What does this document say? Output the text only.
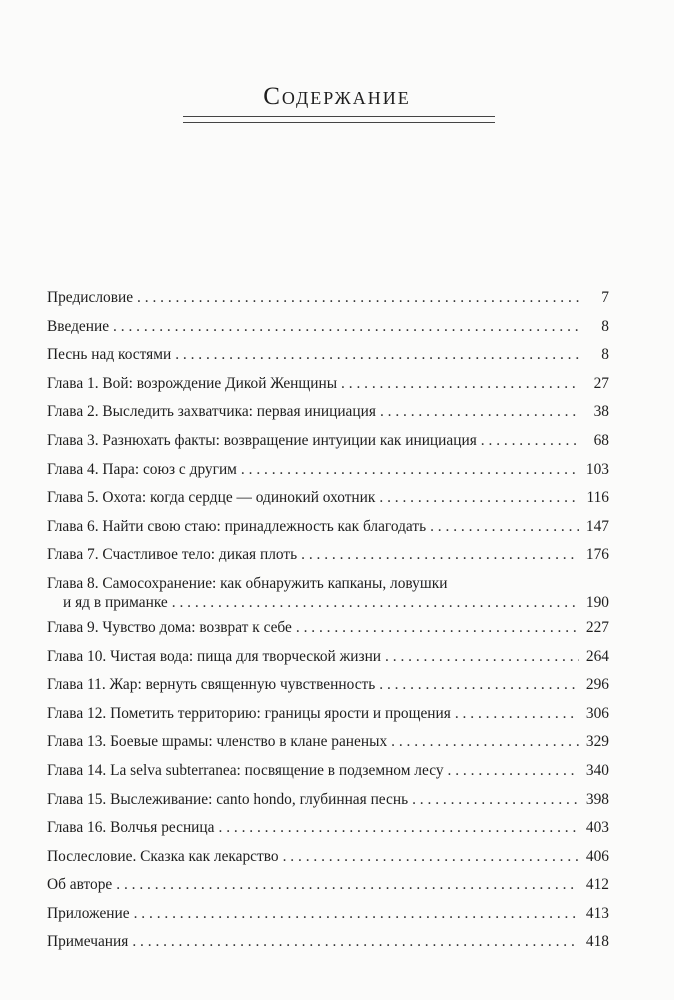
Содержание
Предисловие . . .	7
Введение . . .	8
Песнь над костями . . .	8
Глава 1. Вой: возрождение Дикой Женщины . . .	27
Глава 2. Выследить захватчика: первая инициация . . .	38
Глава 3. Разнюхать факты: возвращение интуиции как инициация . . .	68
Глава 4. Пара: союз с другим . . .	103
Глава 5. Охота: когда сердце — одинокий охотник . . .	116
Глава 6. Найти свою стаю: принадлежность как благодать . . .	147
Глава 7. Счастливое тело: дикая плоть . . .	176
Глава 8. Самосохранение: как обнаружить капканы, ловушки
и яд в приманке . . .	190
Глава 9. Чувство дома: возврат к себе . . .	227
Глава 10. Чистая вода: пища для творческой жизни . . .	264
Глава 11. Жар: вернуть священную чувственность . . .	296
Глава 12. Пометить территорию: границы ярости и прощения . . .	306
Глава 13. Боевые шрамы: членство в клане раненых . . .	329
Глава 14. La selva subterranea: посвящение в подземном лесу . . .	340
Глава 15. Выслеживание: canto hondo, глубинная песнь . . .	398
Глава 16. Волчья ресница . . .	403
Послесловие. Сказка как лекарство . . .	406
Об авторе . . .	412
Приложение . . .	413
Примечания . . .	418
